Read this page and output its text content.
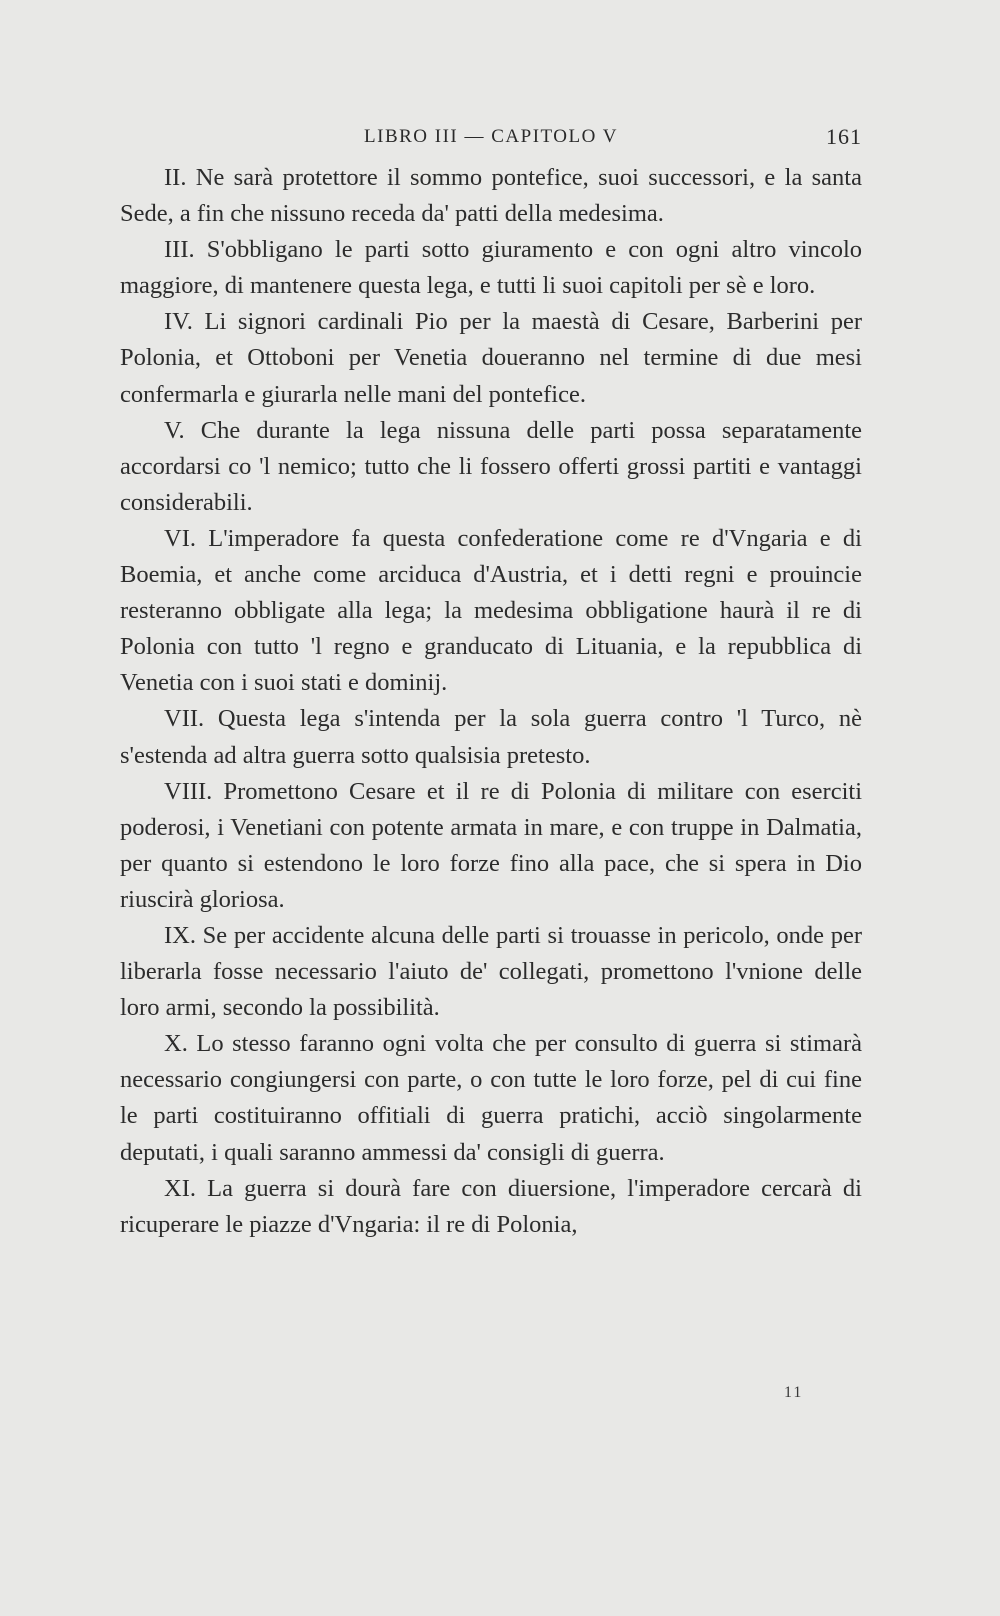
LIBRO III — CAPITOLO V	161

II. Ne sarà protettore il sommo pontefice, suoi successori, e la santa Sede, a fin che nissuno receda da' patti della medesima.

III. S'obbligano le parti sotto giuramento e con ogni altro vincolo maggiore, di mantenere questa lega, e tutti li suoi capitoli per sè e loro.

IV. Li signori cardinali Pio per la maestà di Cesare, Barberini per Polonia, et Ottoboni per Venetia doueranno nel termine di due mesi confermarla e giurarla nelle mani del pontefice.

V. Che durante la lega nissuna delle parti possa separatamente accordarsi co 'l nemico; tutto che li fossero offerti grossi partiti e vantaggi considerabili.

VI. L'imperadore fa questa confederatione come re d'Vngaria e di Boemia, et anche come arciduca d'Austria, et i detti regni e prouincie resteranno obbligate alla lega; la medesima obbligatione haurà il re di Polonia con tutto 'l regno e granducato di Lituania, e la repubblica di Venetia con i suoi stati e dominij.

VII. Questa lega s'intenda per la sola guerra contro 'l Turco, nè s'estenda ad altra guerra sotto qualsisia pretesto.

VIII. Promettono Cesare et il re di Polonia di militare con eserciti poderosi, i Venetiani con potente armata in mare, e con truppe in Dalmatia, per quanto si estendono le loro forze fino alla pace, che si spera in Dio riuscirà gloriosa.

IX. Se per accidente alcuna delle parti si trouasse in pericolo, onde per liberarla fosse necessario l'aiuto de' collegati, promettono l'vnione delle loro armi, secondo la possibilità.

X. Lo stesso faranno ogni volta che per consulto di guerra si stimarà necessario congiungersi con parte, o con tutte le loro forze, pel di cui fine le parti costituiranno offitiali di guerra pratichi, acciò singolarmente deputati, i quali saranno ammessi da' consigli di guerra.

XI. La guerra si dourà fare con diuersione, l'imperadore cercarà di ricuperare le piazze d'Vngaria: il re di Polonia,

11
